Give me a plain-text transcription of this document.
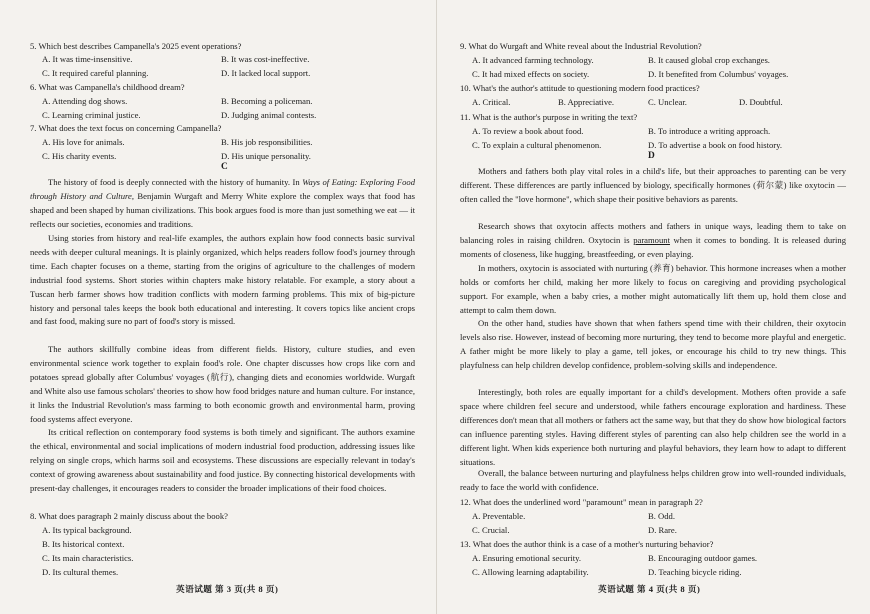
5. Which best describes Campanella's 2025 event operations?
A. It was time-insensitive.	B. It was cost-ineffective.
C. It required careful planning.	D. It lacked local support.
6. What was Campanella's childhood dream?
A. Attending dog shows.	B. Becoming a policeman.
C. Learning criminal justice.	D. Judging animal contests.
7. What does the text focus on concerning Campanella?
A. His love for animals.	B. His job responsibilities.
C. His charity events.	D. His unique personality.
C

The history of food is deeply connected with the history of humanity. In Ways of Eating: Exploring Food through History and Culture, Benjamin Wurgaft and Merry White explore the complex ways that food has shaped and been shaped by human civilizations. This book argues food is more than just something we eat — it reflects our societies, economies and traditions.

Using stories from history and real-life examples, the authors explain how food connects basic survival needs with deeper cultural meanings. It is plainly organized, which helps readers follow food's journey through time. Each chapter focuses on a theme, starting from the origins of agriculture to the challenges of modern industrial food systems. Short stories within chapters make history relatable. For example, a story about a Tuscan herb farmer shows how tradition conflicts with modern farming problems. This mix of big-picture history and personal tales keeps the book both educational and interesting. It covers topics like ancient crops and fast food, making sure no part of food's story is missed.

The authors skillfully combine ideas from different fields. History, culture studies, and even environmental science work together to explain food's role. One chapter discusses how crops like corn and potatoes spread globally after Columbus' voyages (航行), changing diets and economies worldwide. Wurgaft and White also use famous scholars' theories to show how food bridges nature and human culture. For instance, it links the Industrial Revolution's mass farming to both economic growth and environmental harm, proving food systems affect everyone.

Its critical reflection on contemporary food systems is both timely and significant. The authors examine the ethical, environmental and social implications of modern industrial food production, addressing issues like relying on single crops, which harms soil and ecosystems. These discussions are especially relevant in today's context of growing awareness about sustainability and food justice. By connecting historical developments with present-day challenges, it encourages readers to consider the broader implications of their food choices.

8. What does paragraph 2 mainly discuss about the book?
A. Its typical background.
B. Its historical context.
C. Its main characteristics.
D. Its cultural themes.
英语试题 第 3 页(共 8 页)
9. What do Wurgaft and White reveal about the Industrial Revolution?
A. It advanced farming technology.	B. It caused global crop exchanges.
C. It had mixed effects on society.	D. It benefited from Columbus' voyages.
10. What's the author's attitude to questioning modern food practices?
A. Critical.	B. Appreciative.	C. Unclear.	D. Doubtful.
11. What is the author's purpose in writing the text?
A. To review a book about food.	B. To introduce a writing approach.
C. To explain a cultural phenomenon.	D. To advertise a book on food history.
D

Mothers and fathers both play vital roles in a child's life, but their approaches to parenting can be very different. These differences are partly influenced by biology, specifically hormones (荷尔蒙) like oxytocin — often called the "love hormone", which shape their positive behaviors as parents.

Research shows that oxytocin affects mothers and fathers in unique ways, leading them to take on balancing roles in raising children. Oxytocin is paramount when it comes to bonding. It is released during moments of closeness, like hugging, breastfeeding, or even playing.

In mothers, oxytocin is associated with nurturing (养育) behavior. This hormone increases when a mother holds or comforts her child, making her more likely to focus on caregiving and providing psychological support. For example, when a baby cries, a mother might automatically lift them up, hold them close and attempt to calm them down.

On the other hand, studies have shown that when fathers spend time with their children, their oxytocin levels also rise. However, instead of becoming more nurturing, they tend to become more playful and energetic. A father might be more likely to play a game, tell jokes, or encourage his child to try new things. This playfulness can help children develop confidence, problem-solving skills and independence.

Interestingly, both roles are equally important for a child's development. Mothers often provide a safe space where children feel secure and understood, while fathers encourage exploration and hardiness. These differences don't mean that all mothers or fathers act the same way, but that they do show how biological factors can influence parenting styles. Having different styles of parenting can also help children see the world in a different light. When kids experience both nurturing and playful behaviors, they learn how to adapt to different situations.

Overall, the balance between nurturing and playfulness helps children grow into well-rounded individuals, ready to face the world with confidence.

12. What does the underlined word "paramount" mean in paragraph 2?
A. Preventable.	B. Odd.
C. Crucial.	D. Rare.
13. What does the author think is a case of a mother's nurturing behavior?
A. Ensuring emotional security.	B. Encouraging outdoor games.
C. Allowing learning adaptability.	D. Teaching bicycle riding.
英语试题 第 4 页(共 8 页)
